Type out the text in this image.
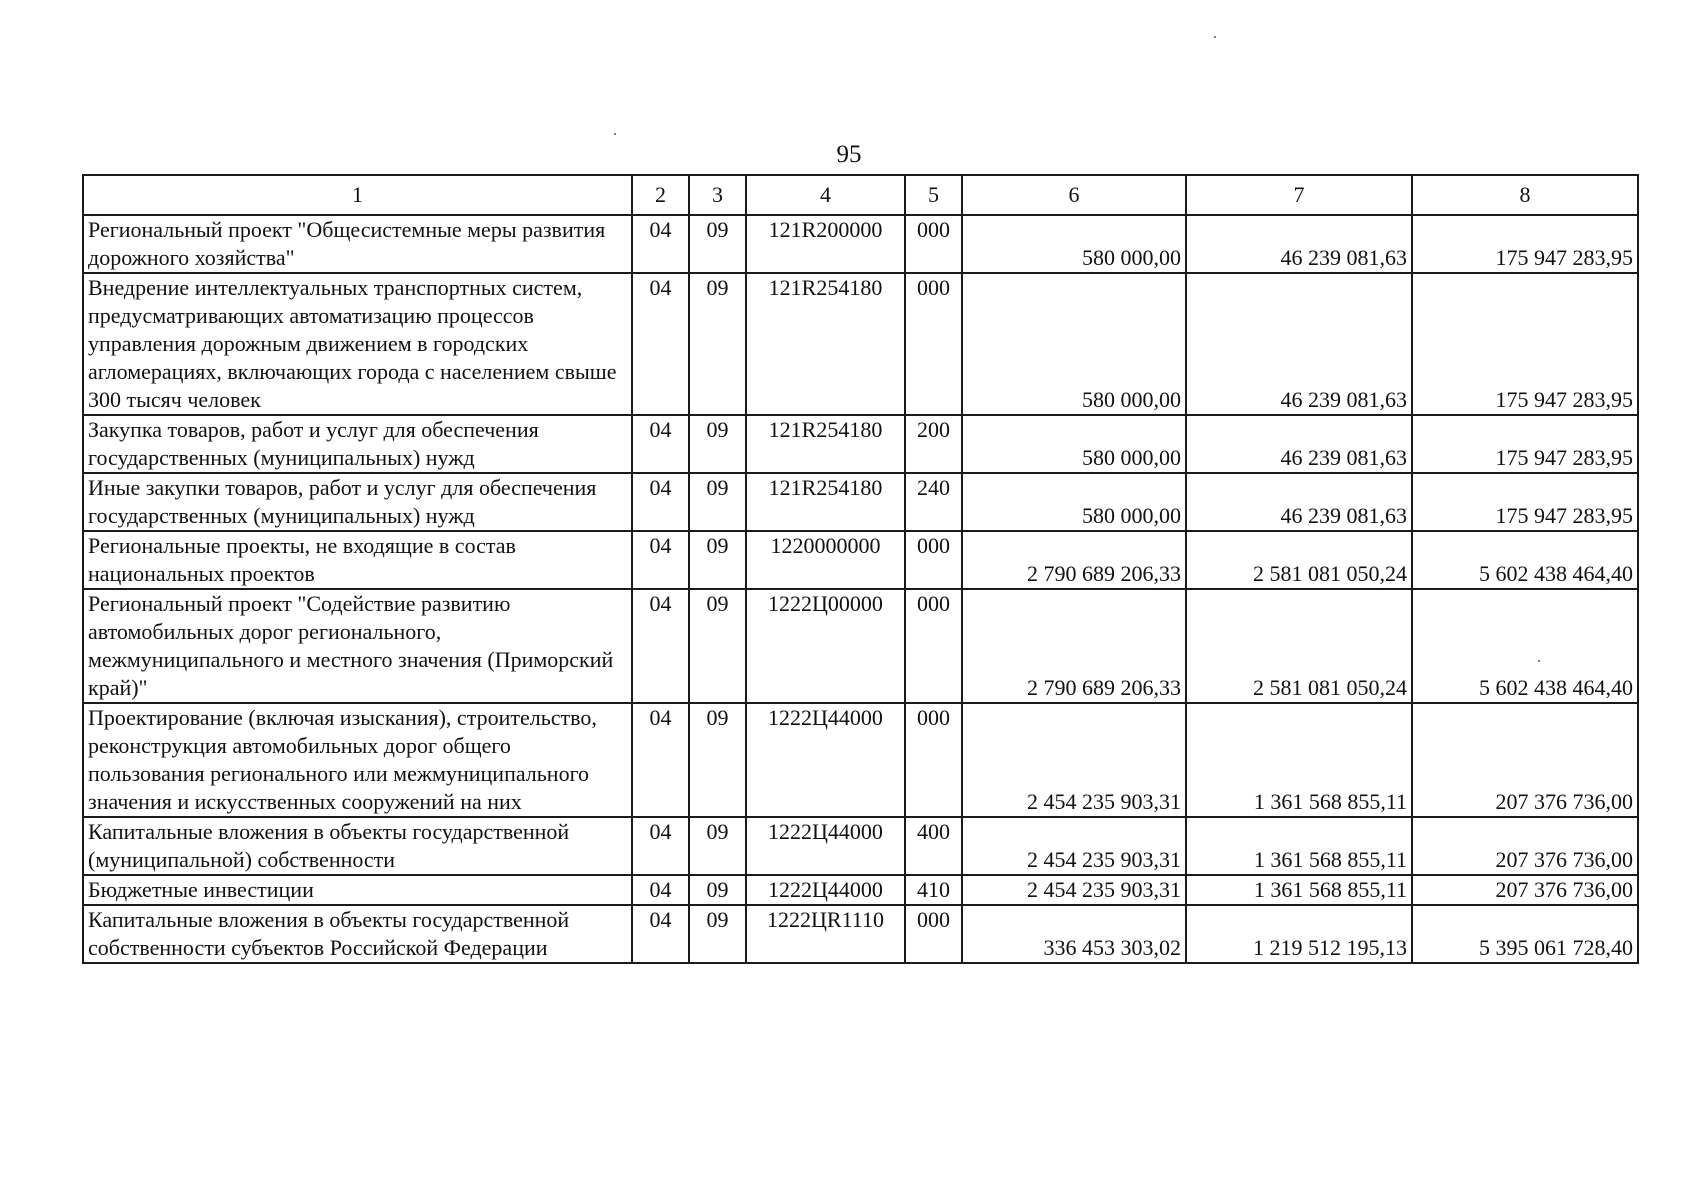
95
1	2	3	4	5	6	7	8
Региональный проект "Общесистемные меры развития дорожного хозяйства"	04	09	121R200000	000	580 000,00	46 239 081,63	175 947 283,95
Внедрение интеллектуальных транспортных систем, предусматривающих автоматизацию процессов управления дорожным движением в городских агломерациях, включающих города с населением свыше 300 тысяч человек	04	09	121R254180	000	580 000,00	46 239 081,63	175 947 283,95
Закупка товаров, работ и услуг для обеспечения государственных (муниципальных) нужд	04	09	121R254180	200	580 000,00	46 239 081,63	175 947 283,95
Иные закупки товаров, работ и услуг для обеспечения государственных (муниципальных) нужд	04	09	121R254180	240	580 000,00	46 239 081,63	175 947 283,95
Региональные проекты, не входящие в состав национальных проектов	04	09	1220000000	000	2 790 689 206,33	2 581 081 050,24	5 602 438 464,40
Региональный проект "Содействие развитию автомобильных дорог регионального, межмуниципального и местного значения (Приморский край)"	04	09	1222Ц00000	000	2 790 689 206,33	2 581 081 050,24	5 602 438 464,40
Проектирование (включая изыскания), строительство, реконструкция автомобильных дорог общего пользования регионального или межмуниципального значения и искусственных сооружений на них	04	09	1222Ц44000	000	2 454 235 903,31	1 361 568 855,11	207 376 736,00
Капитальные вложения в объекты государственной (муниципальной) собственности	04	09	1222Ц44000	400	2 454 235 903,31	1 361 568 855,11	207 376 736,00
Бюджетные инвестиции	04	09	1222Ц44000	410	2 454 235 903,31	1 361 568 855,11	207 376 736,00
Капитальные вложения в объекты государственной собственности субъектов Российской Федерации	04	09	1222ЦR1110	000	336 453 303,02	1 219 512 195,13	5 395 061 728,40
